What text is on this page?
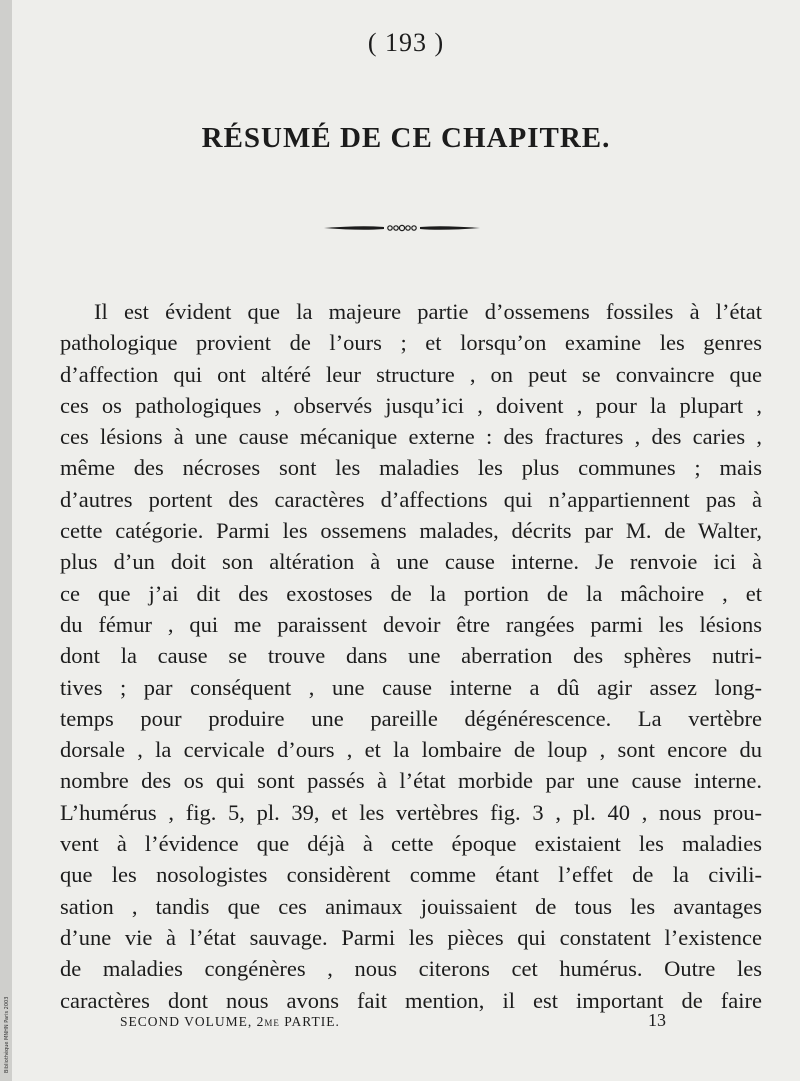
( 193 )
RÉSUMÉ DE CE CHAPITRE.
Il est évident que la majeure partie d’ossemens fossiles à l’état
pathologique provient de l’ours ; et lorsqu’on examine les genres
d’affection qui ont altéré leur structure , on peut se convaincre que
ces os pathologiques , observés jusqu’ici , doivent , pour la plupart ,
ces lésions à une cause mécanique externe : des fractures , des caries ,
même des nécroses sont les maladies les plus communes ; mais
d’autres portent des caractères d’affections qui n’appartiennent pas à
cette catégorie. Parmi les ossemens malades, décrits par M. de Walter,
plus d’un doit son altération à une cause interne. Je renvoie ici à
ce que j’ai dit des exostoses de la portion de la mâchoire , et
du fémur , qui me paraissent devoir être rangées parmi les lésions
dont la cause se trouve dans une aberration des sphères nutri-
tives ; par conséquent , une cause interne a dû agir assez long-
temps pour produire une pareille dégénérescence. La vertèbre
dorsale , la cervicale d’ours , et la lombaire de loup , sont encore du
nombre des os qui sont passés à l’état morbide par une cause interne.
L’humérus , fig. 5, pl. 39, et les vertèbres fig. 3 , pl. 40 , nous prou-
vent à l’évidence que déjà à cette époque existaient les maladies
que les nosologistes considèrent comme étant l’effet de la civili-
sation , tandis que ces animaux jouissaient de tous les avantages
d’une vie à l’état sauvage. Parmi les pièces qui constatent l’existence
de maladies congénères , nous citerons cet humérus. Outre les
caractères dont nous avons fait mention, il est important de faire
SECOND VOLUME, 2me PARTIE.	13
Bibliothèque MNHN Paris 2003
